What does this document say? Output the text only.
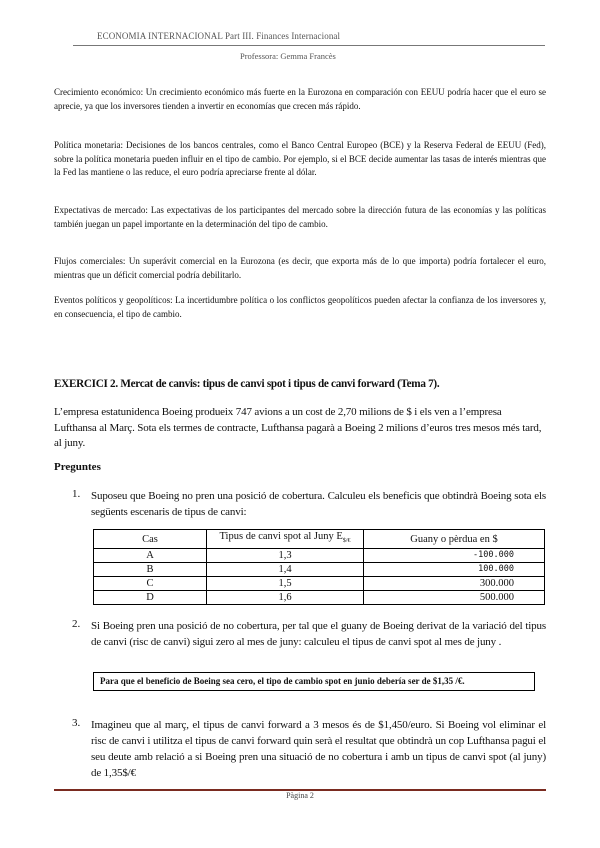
ECONOMIA INTERNACIONAL Part III. Finances Internacional
Professora: Gemma Francès
Crecimiento económico: Un crecimiento económico más fuerte en la Eurozona en comparación con EEUU podría hacer que el euro se aprecie, ya que los inversores tienden a invertir en economías que crecen más rápido.
Política monetaria: Decisiones de los bancos centrales, como el Banco Central Europeo (BCE) y la Reserva Federal de EEUU (Fed), sobre la política monetaria pueden influir en el tipo de cambio. Por ejemplo, si el BCE decide aumentar las tasas de interés mientras que la Fed las mantiene o las reduce, el euro podría apreciarse frente al dólar.
Expectativas de mercado: Las expectativas de los participantes del mercado sobre la dirección futura de las economías y las políticas también juegan un papel importante en la determinación del tipo de cambio.
Flujos comerciales: Un superávit comercial en la Eurozona (es decir, que exporta más de lo que importa) podría fortalecer el euro, mientras que un déficit comercial podría debilitarlo.
Eventos políticos y geopolíticos: La incertidumbre política o los conflictos geopolíticos pueden afectar la confianza de los inversores y, en consecuencia, el tipo de cambio.
EXERCICI 2. Mercat de canvis: tipus de canvi spot i tipus de canvi forward (Tema 7).
L’empresa estatunidenca Boeing produeix 747 avions a un cost de 2,70 milions de $ i els ven a l’empresa Lufthansa al Març. Sota els termes de contracte, Lufthansa pagarà a Boeing 2 milions d’euros tres mesos més tard, al juny.
Preguntes
1. Suposeu que Boeing no pren una posició de cobertura. Calculeu els beneficis que obtindrà Boeing sota els següents escenaris de tipus de canvi:
Cas	Tipus de canvi spot al Juny $E_{\$/€}$	Guany o pèrdua en $
A	1,3	-100.000
B	1,4	100.000
C	1,5	300.000
D	1,6	500.000
2. Si Boeing pren una posició de no cobertura, per tal que el guany de Boeing derivat de la variació del tipus de canvi (risc de canvi) sigui zero al mes de juny: calculeu el tipus de canvi spot al mes de juny .
Para que el beneficio de Boeing sea cero, el tipo de cambio spot en junio debería ser de $1,35 /€.
3. Imagineu que al març, el tipus de canvi forward a 3 mesos és de $1,450/euro. Si Boeing vol eliminar el risc de canvi i utilitza el tipus de canvi forward quin serà el resultat que obtindrà un cop Lufthansa pagui el seu deute amb relació a si Boeing pren una situació de no cobertura i amb un tipus de canvi spot (al juny) de 1,35$/€
Pàgina 2
